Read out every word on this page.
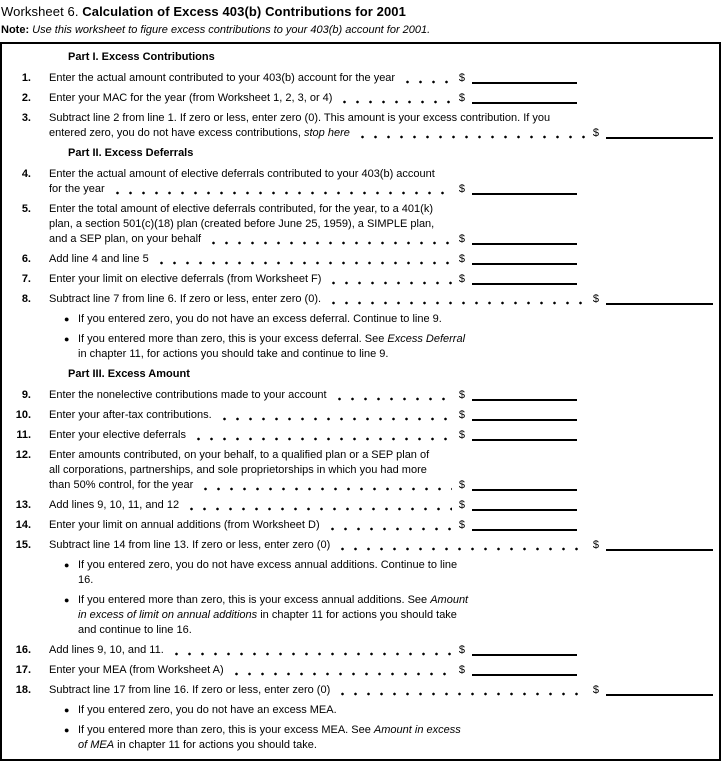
Worksheet 6. Calculation of Excess 403(b) Contributions for 2001
Note: Use this worksheet to figure excess contributions to your 403(b) account for 2001.
Part I. Excess Contributions
1. Enter the actual amount contributed to your 403(b) account for the year	$
2. Enter your MAC for the year (from Worksheet 1, 2, 3, or 4)	$
3. Subtract line 2 from line 1. If zero or less, enter zero (0). This amount is your excess contribution. If you
entered zero, you do not have excess contributions, stop here	$
Part II. Excess Deferrals
4. Enter the actual amount of elective deferrals contributed to your 403(b) account
for the year	$
5. Enter the total amount of elective deferrals contributed, for the year, to a 401(k)
plan, a section 501(c)(18) plan (created before June 25, 1959), a SIMPLE plan,
and a SEP plan, on your behalf	$
6. Add line 4 and line 5	$
7. Enter your limit on elective deferrals (from Worksheet F)	$
8. Subtract line 7 from line 6. If zero or less, enter zero (0).	$
● If you entered zero, you do not have an excess deferral. Continue to line 9.
● If you entered more than zero, this is your excess deferral. See Excess Deferral
in chapter 11, for actions you should take and continue to line 9.
Part III. Excess Amount
9. Enter the nonelective contributions made to your account	$
10. Enter your after-tax contributions.	$
11. Enter your elective deferrals	$
12. Enter amounts contributed, on your behalf, to a qualified plan or a SEP plan of
all corporations, partnerships, and sole proprietorships in which you had more
than 50% control, for the year	$
13. Add lines 9, 10, 11, and 12	$
14. Enter your limit on annual additions (from Worksheet D)	$
15. Subtract line 14 from line 13. If zero or less, enter zero (0)	$
● If you entered zero, you do not have excess annual additions. Continue to line
16.
● If you entered more than zero, this is your excess annual additions. See Amount
in excess of limit on annual additions in chapter 11 for actions you should take
and continue to line 16.
16. Add lines 9, 10, and 11.	$
17. Enter your MEA (from Worksheet A)	$
18. Subtract line 17 from line 16. If zero or less, enter zero (0)	$
● If you entered zero, you do not have an excess MEA.
● If you entered more than zero, this is your excess MEA. See Amount in excess
of MEA in chapter 11 for actions you should take.
